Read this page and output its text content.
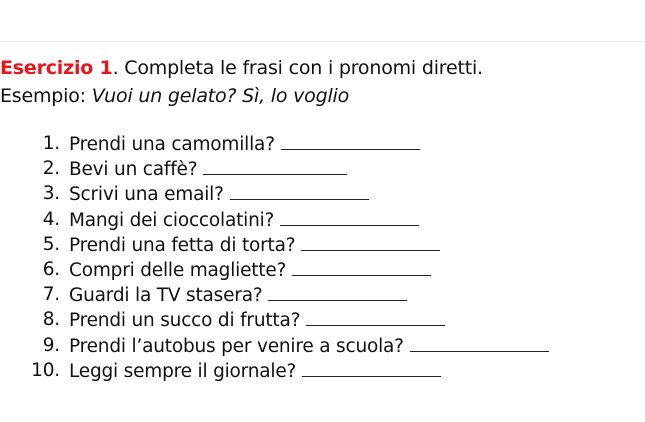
Esercizio 1. Completa le frasi con i pronomi diretti.
Esempio: Vuoi un gelato? Sì, lo voglio
1. Prendi una camomilla?
2. Bevi un caffè?
3. Scrivi una email?
4. Mangi dei cioccolatini?
5. Prendi una fetta di torta?
6. Compri delle magliette?
7. Guardi la TV stasera?
8. Prendi un succo di frutta?
9. Prendi l’autobus per venire a scuola?
10. Leggi sempre il giornale?
